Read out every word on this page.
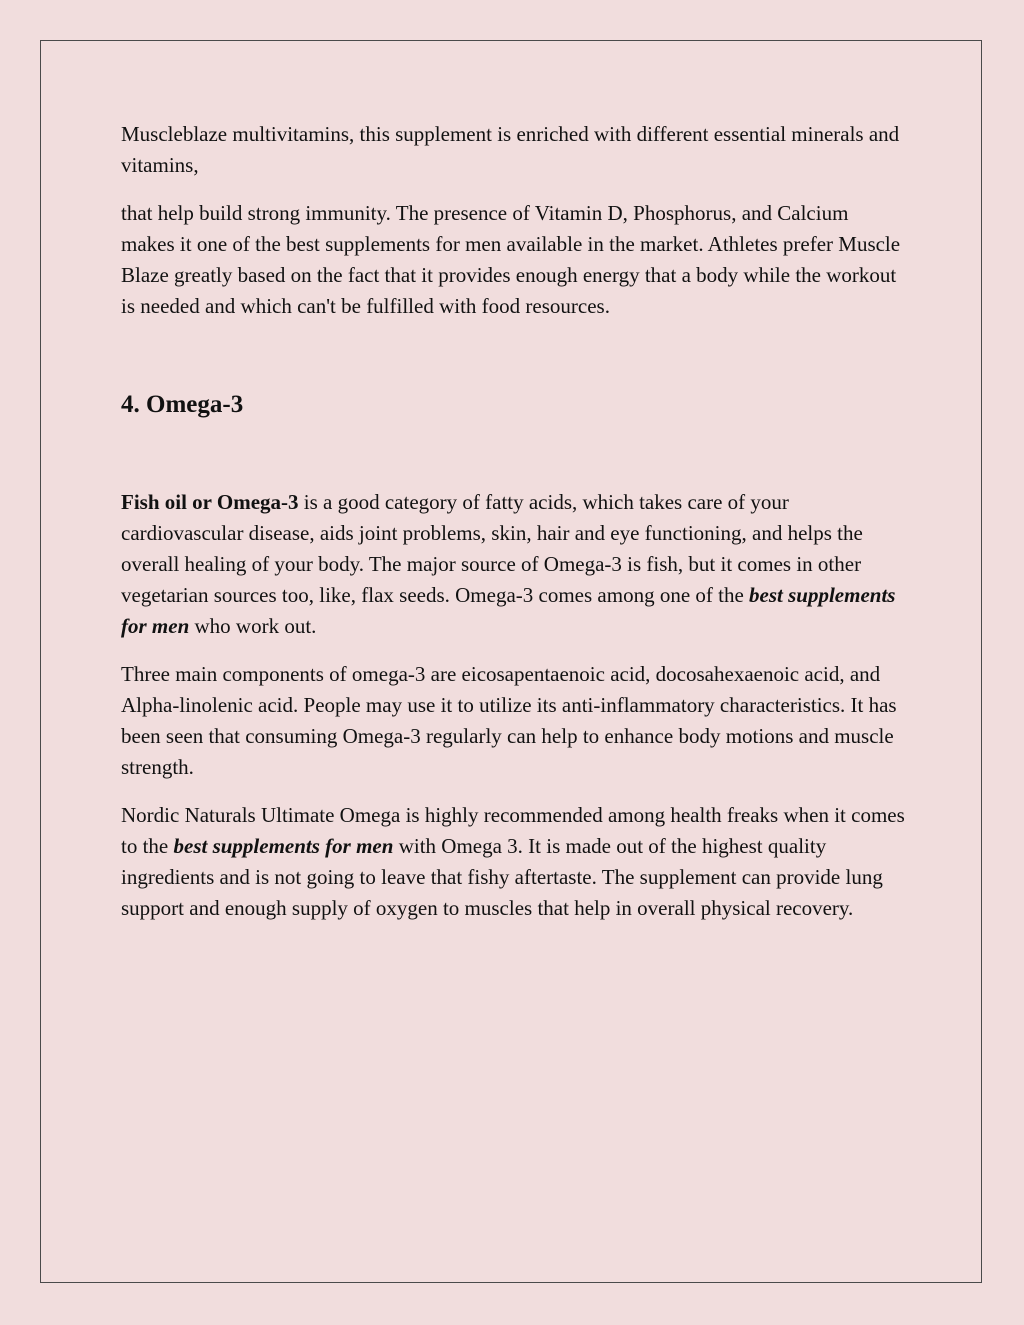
Muscleblaze multivitamins, this supplement is enriched with different essential minerals and vitamins,

that help build strong immunity. The presence of Vitamin D, Phosphorus, and Calcium makes it one of the best supplements for men available in the market. Athletes prefer Muscle Blaze greatly based on the fact that it provides enough energy that a body while the workout is needed and which can't be fulfilled with food resources.

4. Omega-3

Fish oil or Omega-3 is a good category of fatty acids, which takes care of your cardiovascular disease, aids joint problems, skin, hair and eye functioning, and helps the overall healing of your body. The major source of Omega-3 is fish, but it comes in other vegetarian sources too, like, flax seeds. Omega-3 comes among one of the best supplements for men who work out.

Three main components of omega-3 are eicosapentaenoic acid, docosahexaenoic acid, and Alpha-linolenic acid. People may use it to utilize its anti-inflammatory characteristics. It has been seen that consuming Omega-3 regularly can help to enhance body motions and muscle strength.

Nordic Naturals Ultimate Omega is highly recommended among health freaks when it comes to the best supplements for men with Omega 3. It is made out of the highest quality ingredients and is not going to leave that fishy aftertaste. The supplement can provide lung support and enough supply of oxygen to muscles that help in overall physical recovery.
